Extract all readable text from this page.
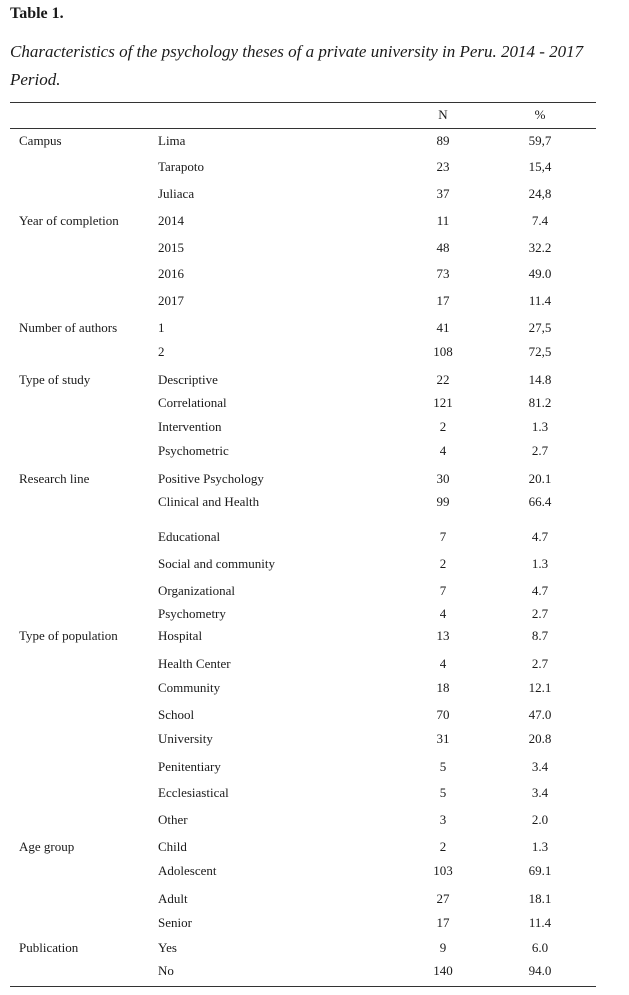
Table 1.
Characteristics of the psychology theses of a private university in Peru. 2014 - 2017 Period.
N	%
Campus	Lima	89	59,7
Tarapoto	23	15,4
Juliaca	37	24,8
Year of completion	2014	11	7.4
2015	48	32.2
2016	73	49.0
2017	17	11.4
Number of authors	1	41	27,5
2	108	72,5
Type of study	Descriptive	22	14.8
Correlational	121	81.2
Intervention	2	1.3
Psychometric	4	2.7
Research line	Positive Psychology	30	20.1
Clinical and Health	99	66.4
Educational	7	4.7
Social and community	2	1.3
Organizational	7	4.7
Psychometry	4	2.7
Type of population	Hospital	13	8.7
Health Center	4	2.7
Community	18	12.1
School	70	47.0
University	31	20.8
Penitentiary	5	3.4
Ecclesiastical	5	3.4
Other	3	2.0
Age group	Child	2	1.3
Adolescent	103	69.1
Adult	27	18.1
Senior	17	11.4
Publication	Yes	9	6.0
No	140	94.0
